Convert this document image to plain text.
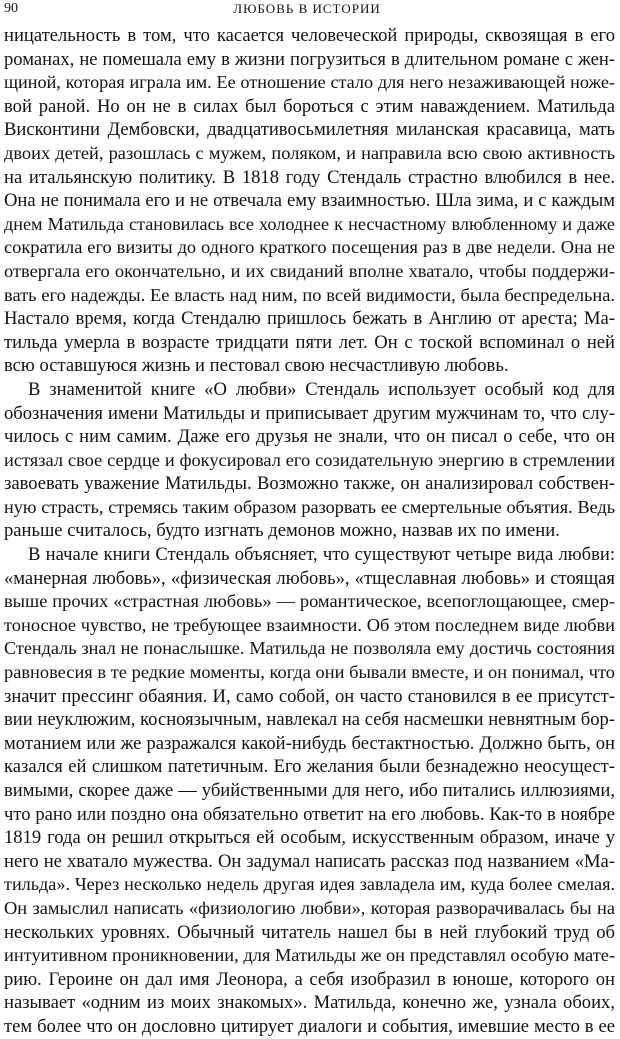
90	ЛЮБОВЬ В ИСТОРИИ
ницательность в том, что касается человеческой природы, сквозящая в его
романах, не помешала ему в жизни погрузиться в длительном романе с жен-
щиной, которая играла им. Ее отношение стало для него незаживающей ноже-
вой раной. Но он не в силах был бороться с этим наваждением. Матильда
Висконтини Дембовски, двадцативосьмилетняя миланская красавица, мать
двоих детей, разошлась с мужем, поляком, и направила всю свою активность
на итальянскую политику. В 1818 году Стендаль страстно влюбился в нее.
Она не понимала его и не отвечала ему взаимностью. Шла зима, и с каждым
днем Матильда становилась все холоднее к несчастному влюбленному и даже
сократила его визиты до одного краткого посещения раз в две недели. Она не
отвергала его окончательно, и их свиданий вполне хватало, чтобы поддержи-
вать его надежды. Ее власть над ним, по всей видимости, была беспредельна.
Настало время, когда Стендалю пришлось бежать в Англию от ареста; Ма-
тильда умерла в возрасте тридцати пяти лет. Он с тоской вспоминал о ней
всю оставшуюся жизнь и пестовал свою несчастливую любовь.
В знаменитой книге «О любви» Стендаль использует особый код для
обозначения имени Матильды и приписывает другим мужчинам то, что слу-
чилось с ним самим. Даже его друзья не знали, что он писал о себе, что он
истязал свое сердце и фокусировал его созидательную энергию в стремлении
завоевать уважение Матильды. Возможно также, он анализировал собствен-
ную страсть, стремясь таким образом разорвать ее смертельные объятия. Ведь
раньше считалось, будто изгнать демонов можно, назвав их по имени.
В начале книги Стендаль объясняет, что существуют четыре вида любви:
«манерная любовь», «физическая любовь», «тщеславная любовь» и стоящая
выше прочих «страстная любовь» — романтическое, всепоглощающее, смер-
тоносное чувство, не требующее взаимности. Об этом последнем виде любви
Стендаль знал не понаслышке. Матильда не позволяла ему достичь состояния
равновесия в те редкие моменты, когда они бывали вместе, и он понимал, что
значит прессинг обаяния. И, само собой, он часто становился в ее присутст-
вии неуклюжим, косноязычным, навлекал на себя насмешки невнятным бор-
мотанием или же разражался какой-нибудь бестактностью. Должно быть, он
казался ей слишком патетичным. Его желания были безнадежно неосущест-
вимыми, скорее даже — убийственными для него, ибо питались иллюзиями,
что рано или поздно она обязательно ответит на его любовь. Как-то в ноябре
1819 года он решил открыться ей особым, искусственным образом, иначе у
него не хватало мужества. Он задумал написать рассказ под названием «Ма-
тильда». Через несколько недель другая идея завладела им, куда более смелая.
Он замыслил написать «физиологию любви», которая разворачивалась бы на
нескольких уровнях. Обычный читатель нашел бы в ней глубокий труд об
интуитивном проникновении, для Матильды же он представлял особую мате-
рию. Героине он дал имя Леонора, а себя изобразил в юноше, которого он
называет «одним из моих знакомых». Матильда, конечно же, узнала обоих,
тем более что он дословно цитирует диалоги и события, имевшие место в ее
